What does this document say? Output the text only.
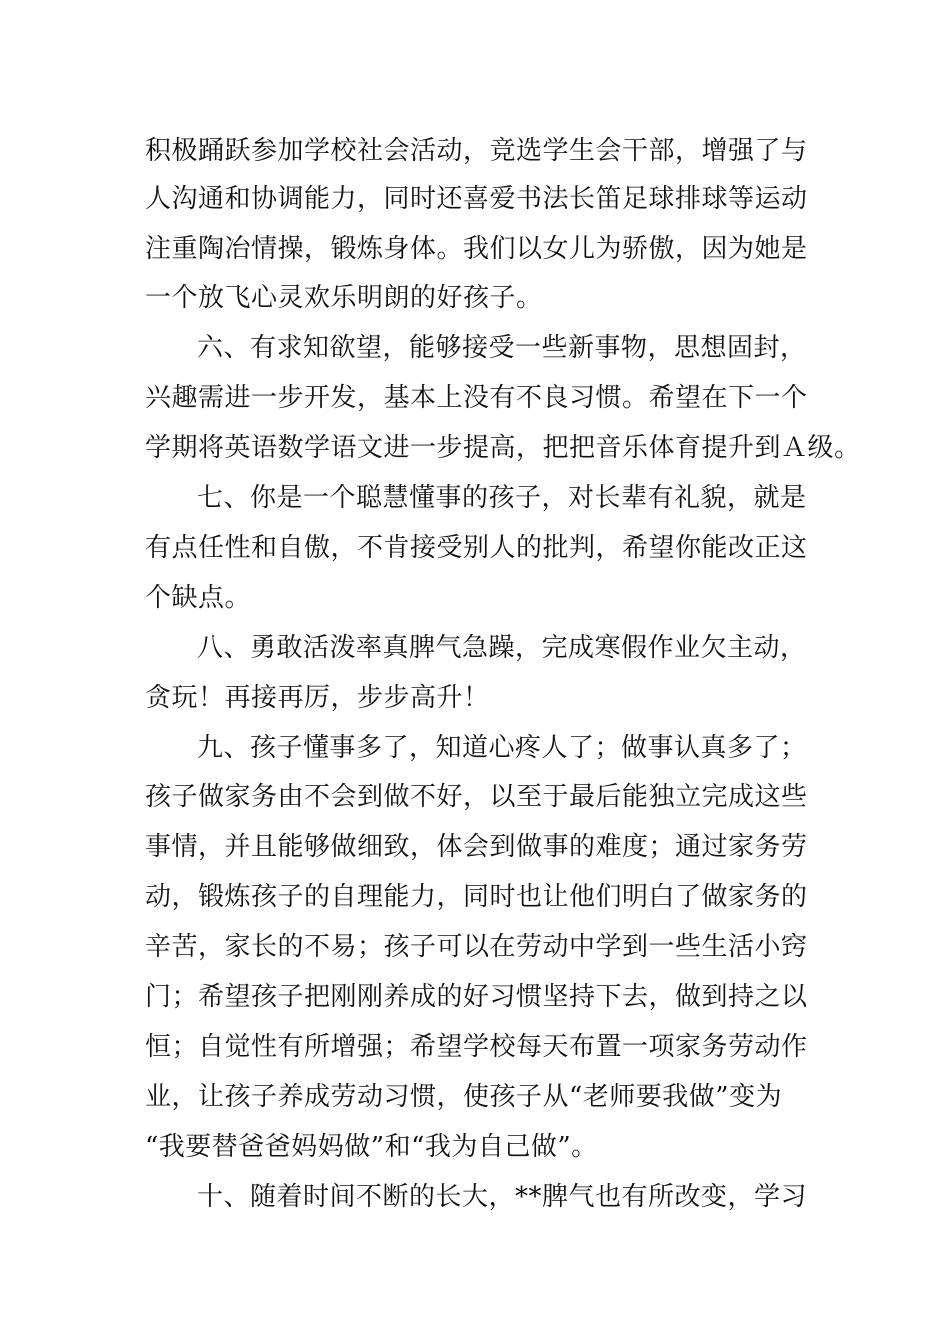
积极踊跃参加学校社会活动，竞选学生会干部，增强了与

人沟通和协调能力，同时还喜爱书法长笛足球排球等运动

注重陶冶情操，锻炼身体。我们以女儿为骄傲，因为她是

一个放飞心灵欢乐明朗的好孩子。

六、有求知欲望，能够接受一些新事物，思想固封，

兴趣需进一步开发，基本上没有不良习惯。希望在下一个

学期将英语数学语文进一步提高，把把音乐体育提升到Ａ级。

七、你是一个聪慧懂事的孩子，对长辈有礼貌，就是

有点任性和自傲，不肯接受别人的批判，希望你能改正这

个缺点。

八、勇敢活泼率真脾气急躁，完成寒假作业欠主动，

贪玩！再接再厉，步步高升！

九、孩子懂事多了，知道心疼人了；做事认真多了；

孩子做家务由不会到做不好，以至于最后能独立完成这些

事情，并且能够做细致，体会到做事的难度；通过家务劳

动，锻炼孩子的自理能力，同时也让他们明白了做家务的

辛苦，家长的不易；孩子可以在劳动中学到一些生活小窍

门；希望孩子把刚刚养成的好习惯坚持下去，做到持之以

恒；自觉性有所增强；希望学校每天布置一项家务劳动作

业，让孩子养成劳动习惯，使孩子从“老师要我做”变为

“我要替爸爸妈妈做”和“我为自己做”。

十、随着时间不断的长大，**脾气也有所改变，学习
